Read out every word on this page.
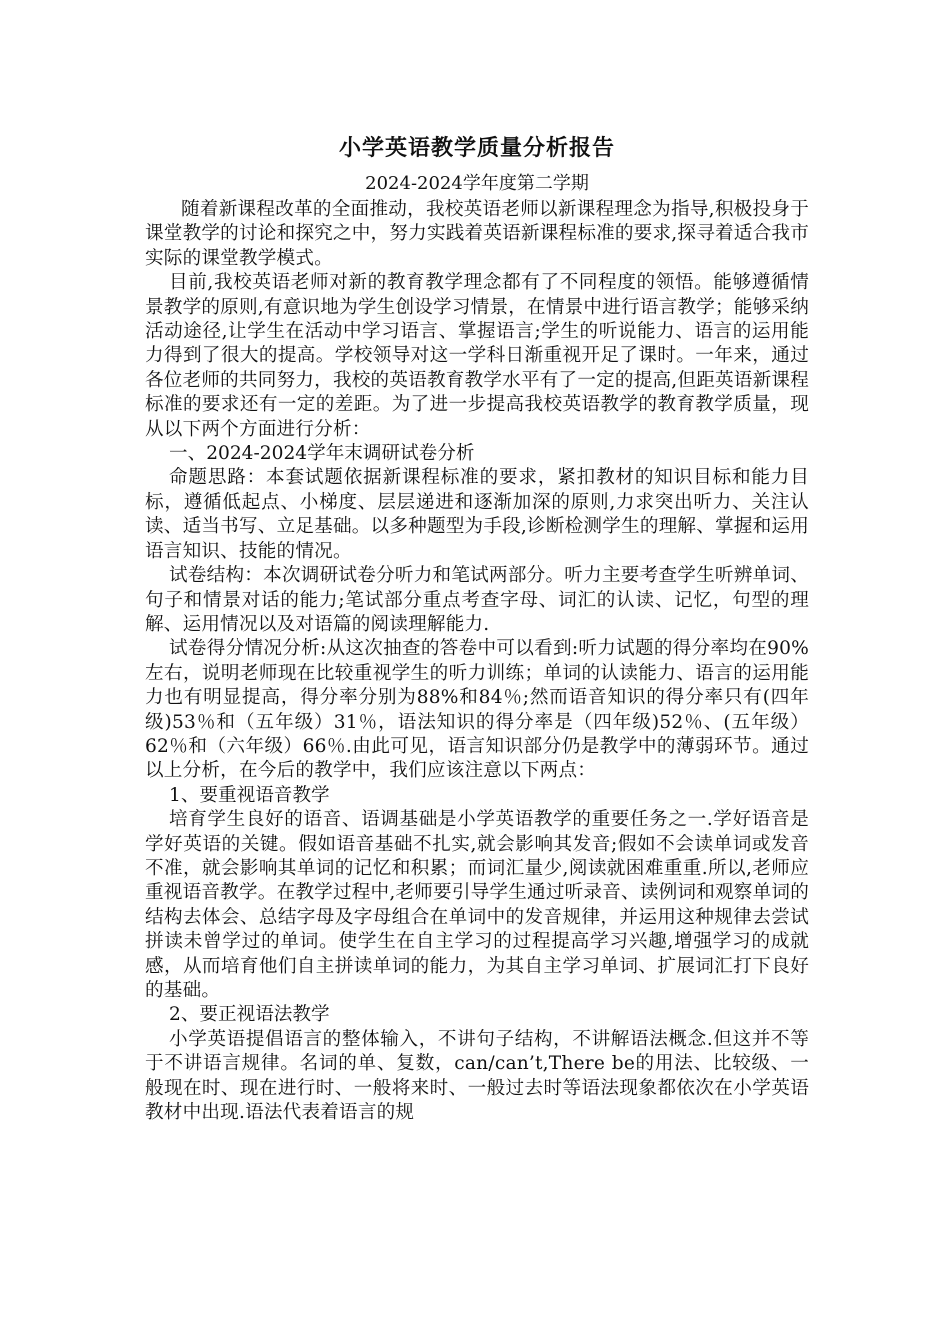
小学英语教学质量分析报告

2024-2024学年度第二学期

随着新课程改革的全面推动，我校英语老师以新课程理念为指导,积极投身于课堂教学的讨论和探究之中，努力实践着英语新课程标准的要求,探寻着适合我市实际的课堂教学模式。

目前,我校英语老师对新的教育教学理念都有了不同程度的领悟。能够遵循情景教学的原则,有意识地为学生创设学习情景，在情景中进行语言教学；能够采纳活动途径,让学生在活动中学习语言、掌握语言;学生的听说能力、语言的运用能力得到了很大的提高。学校领导对这一学科日渐重视开足了课时。一年来，通过各位老师的共同努力，我校的英语教育教学水平有了一定的提高,但距英语新课程标准的要求还有一定的差距。为了进一步提高我校英语教学的教育教学质量，现从以下两个方面进行分析：

一、2024-2024学年末调研试卷分析

命题思路：本套试题依据新课程标准的要求，紧扣教材的知识目标和能力目标，遵循低起点、小梯度、层层递进和逐渐加深的原则,力求突出听力、关注认读、适当书写、立足基础。以多种题型为手段,诊断检测学生的理解、掌握和运用语言知识、技能的情况。

试卷结构：本次调研试卷分听力和笔试两部分。听力主要考查学生听辨单词、句子和情景对话的能力;笔试部分重点考查字母、词汇的认读、记忆，句型的理解、运用情况以及对语篇的阅读理解能力.

试卷得分情况分析:从这次抽查的答卷中可以看到:听力试题的得分率均在90%左右，说明老师现在比较重视学生的听力训练；单词的认读能力、语言的运用能力也有明显提高，得分率分别为88%和84％;然而语音知识的得分率只有(四年级)53％和（五年级）31％，语法知识的得分率是（四年级)52％、(五年级）62％和（六年级）66％.由此可见，语言知识部分仍是教学中的薄弱环节。通过以上分析，在今后的教学中，我们应该注意以下两点：

1、要重视语音教学

培育学生良好的语音、语调基础是小学英语教学的重要任务之一.学好语音是学好英语的关键。假如语音基础不扎实,就会影响其发音;假如不会读单词或发音不准，就会影响其单词的记忆和积累；而词汇量少,阅读就困难重重.所以,老师应重视语音教学。在教学过程中,老师要引导学生通过听录音、读例词和观察单词的结构去体会、总结字母及字母组合在单词中的发音规律，并运用这种规律去尝试拼读未曾学过的单词。使学生在自主学习的过程提高学习兴趣,增强学习的成就感，从而培育他们自主拼读单词的能力，为其自主学习单词、扩展词汇打下良好的基础。

2、要正视语法教学

小学英语提倡语言的整体输入，不讲句子结构，不讲解语法概念.但这并不等于不讲语言规律。名词的单、复数，can/can’t,There be的用法、比较级、一般现在时、现在进行时、一般将来时、一般过去时等语法现象都依次在小学英语教材中出现.语法代表着语言的规
